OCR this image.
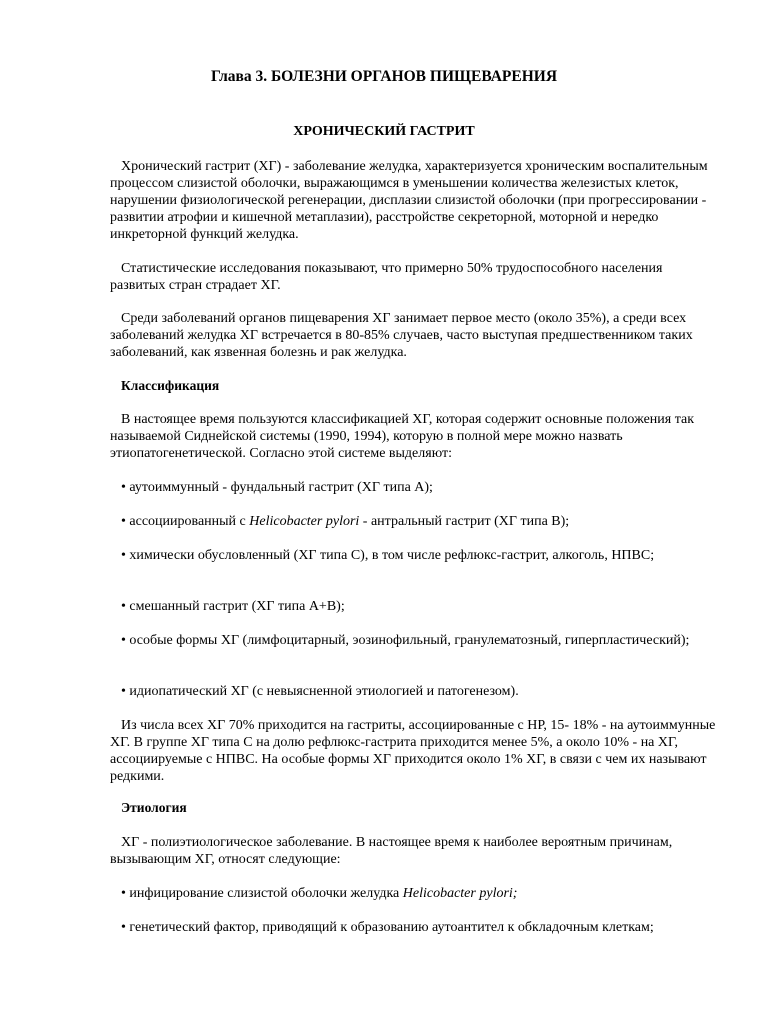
Глава 3. БОЛЕЗНИ ОРГАНОВ ПИЩЕВАРЕНИЯ
ХРОНИЧЕСКИЙ ГАСТРИТ

Хронический гастрит (ХГ) - заболевание желудка, характеризуется хроническим воспалительным процессом слизистой оболочки, выражающимся в уменьшении количества железистых клеток, нарушении физиологической регенерации, дисплазии слизистой оболочки (при прогрессировании - развитии атрофии и кишечной метаплазии), расстройстве секреторной, моторной и нередко инкреторной функций желудка.

Статистические исследования показывают, что примерно 50% трудоспособного населения развитых стран страдает ХГ.

Среди заболеваний органов пищеварения ХГ занимает первое место (около 35%), а среди всех заболеваний желудка ХГ встречается в 80-85% случаев, часто выступая предшественником таких заболеваний, как язвенная болезнь и рак желудка.

Классификация

В настоящее время пользуются классификацией ХГ, которая содержит основные положения так называемой Сиднейской системы (1990, 1994), которую в полной мере можно назвать этиопатогенетической. Согласно этой системе выделяют:

• аутоиммунный - фундальный гастрит (ХГ типа А);

• ассоциированный с Helicobacter pylori - антральный гастрит (ХГ типа В);

• химически обусловленный (ХГ типа С), в том числе рефлюкс-гастрит, алкоголь, НПВС;

• смешанный гастрит (ХГ типа А+В);

• особые формы ХГ (лимфоцитарный, эозинофильный, гранулематозный, гиперпластический);

• идиопатический ХГ (с невыясненной этиологией и патогенезом).

Из числа всех ХГ 70% приходится на гастриты, ассоциированные с НР, 15- 18% - на аутоиммунные ХГ. В группе ХГ типа С на долю рефлюкс-гастрита приходится менее 5%, а около 10% - на ХГ, ассоциируемые с НПВС. На особые формы ХГ приходится около 1% ХГ, в связи с чем их называют редкими.

Этиология

ХГ - полиэтиологическое заболевание. В настоящее время к наиболее вероятным причинам, вызывающим ХГ, относят следующие:

• инфицирование слизистой оболочки желудка Helicobacter pylori;

• генетический фактор, приводящий к образованию аутоантител к обкладочным клеткам;
